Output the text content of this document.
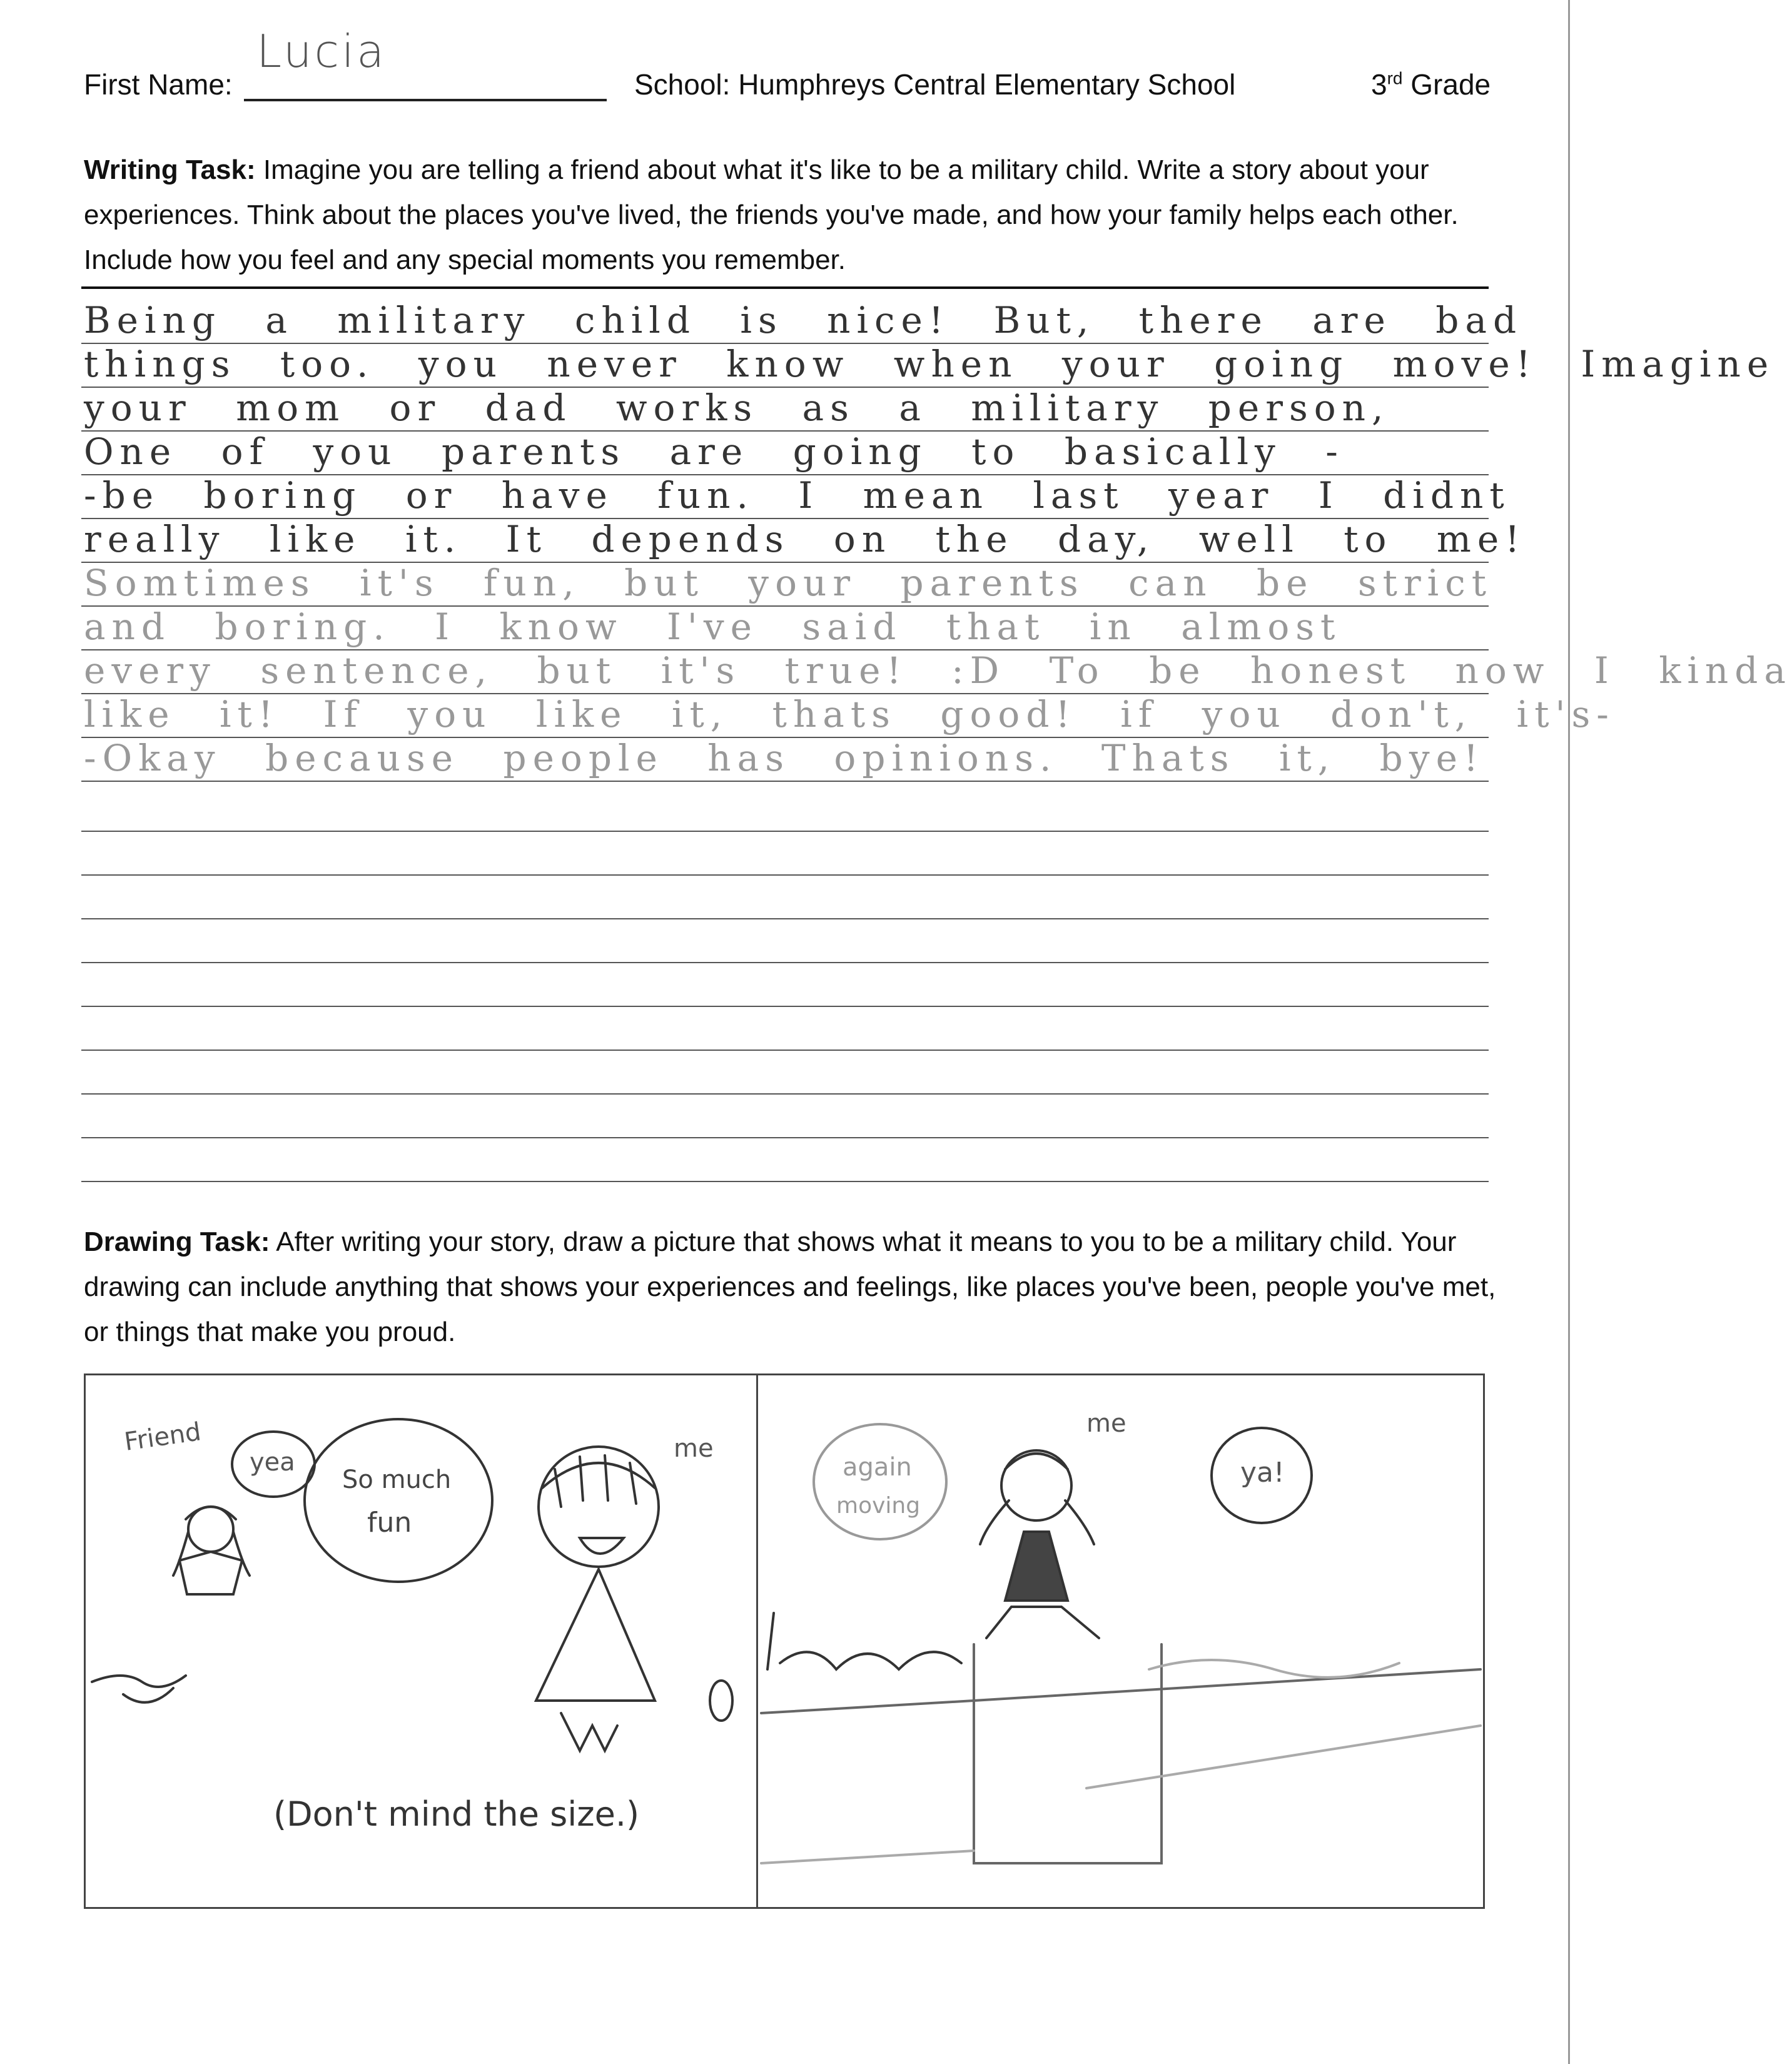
First Name:
Lucia
School: Humphreys Central Elementary School	3rd Grade
Writing Task: Imagine you are telling a friend about what it's like to be a military child. Write a story about your experiences. Think about the places you've lived, the friends you've made, and how your family helps each other. Include how you feel and any special moments you remember.
Being a military child is nice! But, there are bad
things too. you never know when your going move! Imagine
your mom or dad works as a military person,
One of you parents are going to basically -
-be boring or have fun. I mean last year I didnt
really like it. It depends on the day, well to me!
Somtimes it's fun, but your parents can be strict
and boring. I know I've said that in almost
every sentence, but it's true! :D To be honest now I kinda
like it! If you like it, thats good! if you don't, it's-
-Okay because people has opinions. Thats it, bye!
Drawing Task: After writing your story, draw a picture that shows what it means to you to be a military child. Your drawing can include anything that shows your experiences and feelings, like places you've been, people you've met, or things that make you proud.
Friend
yea
So much
fun
me
again
moving
me
ya!
(Don't mind the size.)
